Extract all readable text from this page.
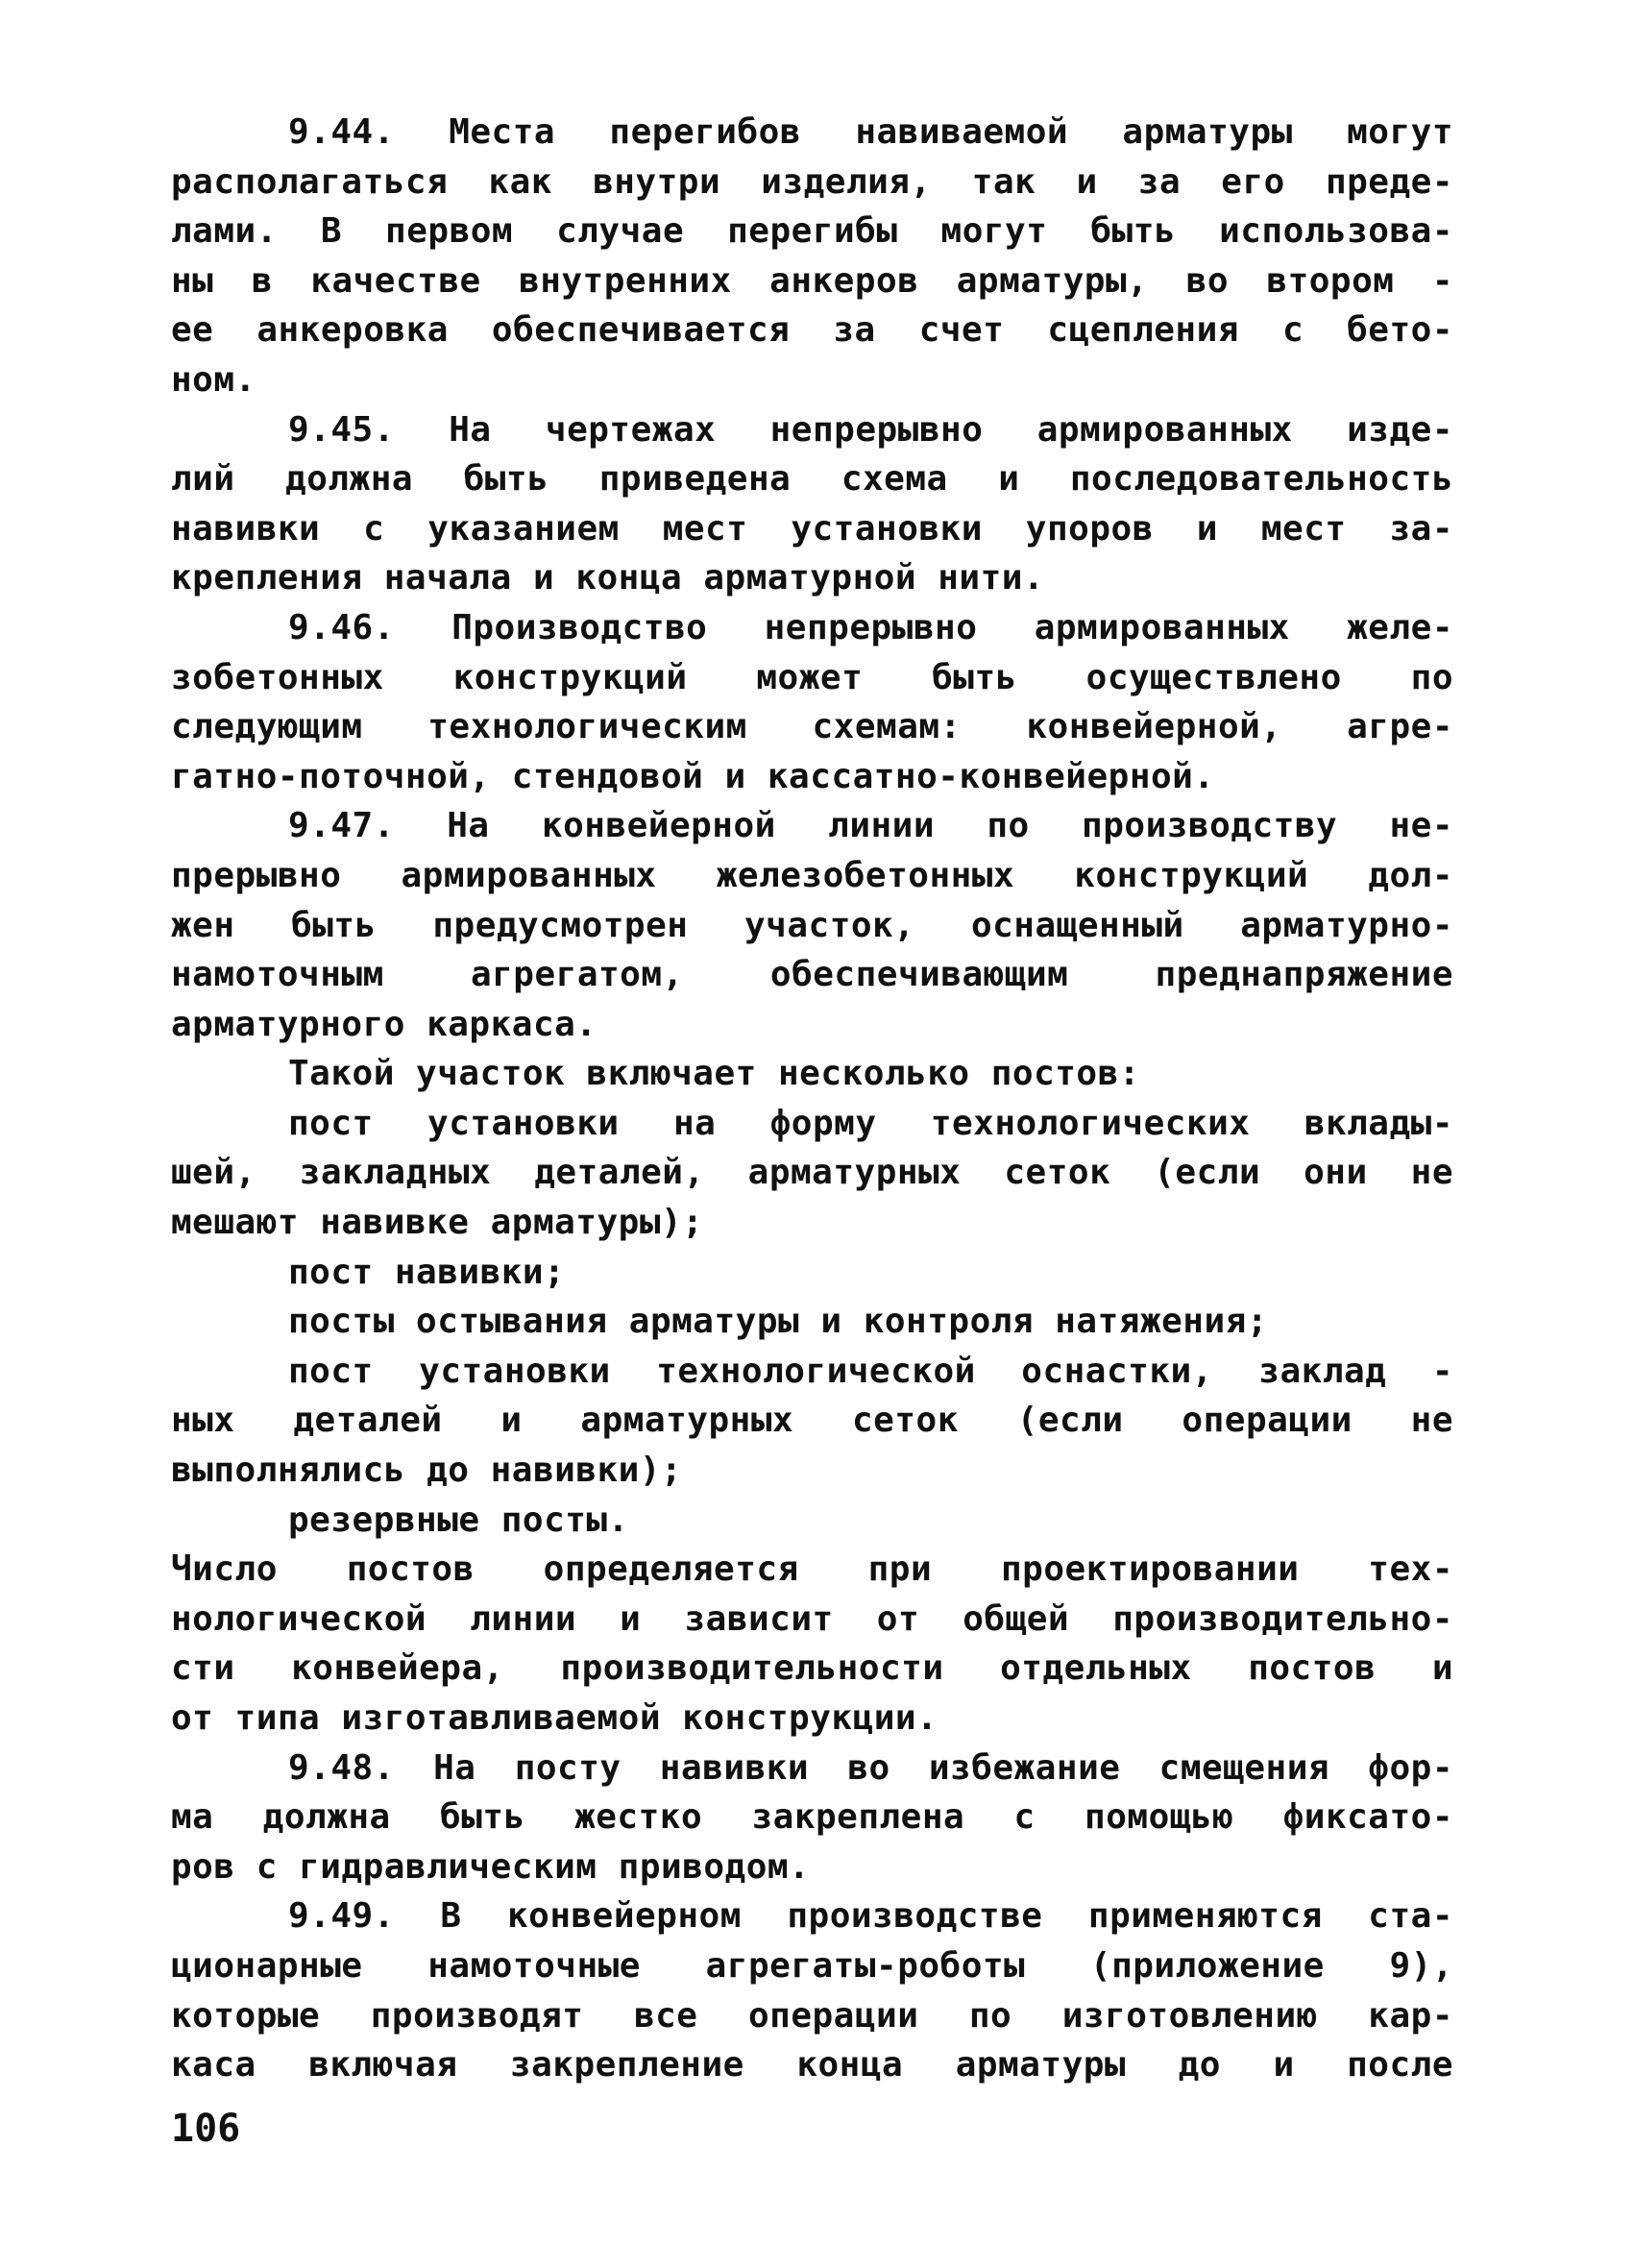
9.44. Места перегибов навиваемой арматуры могут
располагаться как внутри изделия, так и за его преде-
лами. В первом случае перегибы могут быть использова-
ны в качестве внутренних анкеров арматуры, во втором -
ее анкеровка обеспечивается за счет сцепления с бето-
ном.
9.45. На чертежах непрерывно армированных изде-
лий должна быть приведена схема и последовательность
навивки с указанием мест установки упоров и мест за-
крепления начала и конца арматурной нити.
9.46. Производство непрерывно армированных желе-
зобетонных конструкций может быть осуществлено по
следующим технологическим схемам: конвейерной, агре-
гатно-поточной, стендовой и кассатно-конвейерной.
9.47. На конвейерной линии по производству не-
прерывно армированных железобетонных конструкций дол-
жен быть предусмотрен участок, оснащенный арматурно-
намоточным агрегатом, обеспечивающим преднапряжение
арматурного каркаса.
Такой участок включает несколько постов:
пост установки на форму технологических вклады-
шей, закладных деталей, арматурных сеток (если они не
мешают навивке арматуры);
пост навивки;
посты остывания арматуры и контроля натяжения;
пост установки технологической оснастки, заклад -
ных деталей и арматурных сеток (если операции не
выполнялись до навивки);
резервные посты.
Число постов определяется при проектировании тех-
нологической линии и зависит от общей производительно-
сти конвейера, производительности отдельных постов и
от типа изготавливаемой конструкции.
9.48. На посту навивки во избежание смещения фор-
ма должна быть жестко закреплена с помощью фиксато-
ров с гидравлическим приводом.
9.49. В конвейерном производстве применяются ста-
ционарные намоточные агрегаты-роботы (приложение 9),
которые производят все операции по изготовлению кар-
каса включая закрепление конца арматуры до и после
106
